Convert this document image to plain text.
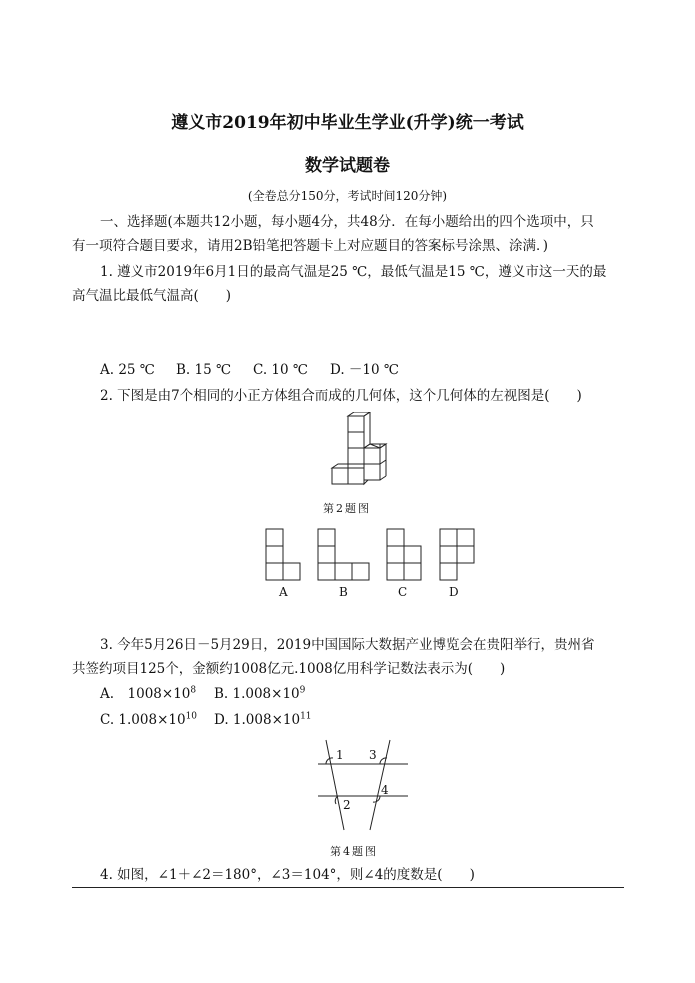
遵义市2019年初中毕业生学业(升学)统一考试
数学试题卷
(全卷总分150分，考试时间120分钟)
一、选择题(本题共12小题，每小题4分，共48分．在每小题给出的四个选项中，只
有一项符合题目要求，请用2B铅笔把答题卡上对应题目的答案标号涂黑、涂满．)
1. 遵义市2019年6月1日的最高气温是25 ℃，最低气温是15 ℃，遵义市这一天的最
高气温比最低气温高(　　)
A. 25 ℃ B. 15 ℃ C. 10 ℃ D. －10 ℃
2. 下图是由7个相同的小正方体组合而成的几何体，这个几何体的左视图是(　　)
第2题图
A	B	C	D
3. 今年5月26日－5月29日，2019中国国际大数据产业博览会在贵阳举行，贵州省
共签约项目125个，金额约1008亿元.1008亿用科学记数法表示为(　　)
A.　$1008\times 10^8$ B. $1.008\times 10^9$
C. $1.008\times 10^{10}$ D. $1.008\times 10^{11}$
1
2
3
4
第4题图
4. 如图，∠1＋∠2＝180°，∠3＝104°，则∠4的度数是(　　)
